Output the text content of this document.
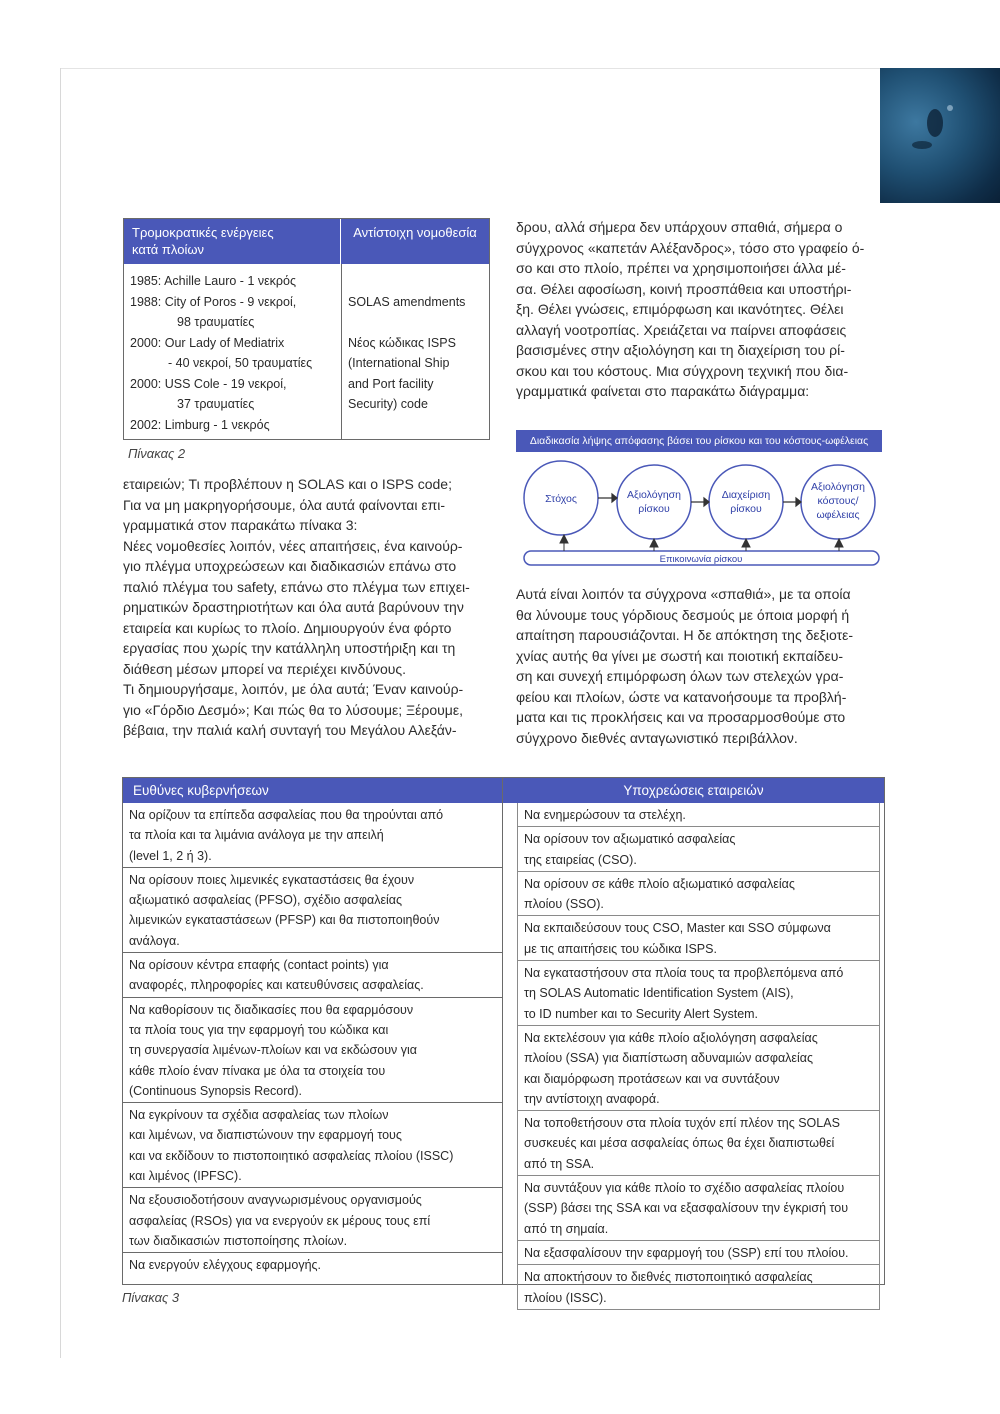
Τρομοκρατικές ενέργειες
κατά πλοίων
Αντίστοιχη νομοθεσία
1985: Achille Lauro - 1 νεκρός
1988: City of Poros - 9 νεκροί,
98 τραυματίες
2000: Our Lady of Mediatrix
- 40 νεκροί, 50 τραυματίες
2000: USS Cole - 19 νεκροί,
37 τραυματίες
2002: Limburg - 1 νεκρός
SOLAS amendments
Νέος κώδικας ISPS
(International Ship
and Port facility
Security) code
Πίνακας 2

εταιρειών; Τι προβλέπουν η SOLAS και ο ISPS code;

Για να μη μακρηγορήσουμε, όλα αυτά φαίνονται επι-

γραμματικά στον παρακάτω πίνακα 3:

Νέες νομοθεσίες λοιπόν, νέες απαιτήσεις, ένα καινούρ-

γιο πλέγμα υποχρεώσεων και διαδικασιών επάνω στο

παλιό πλέγμα του safety, επάνω στο πλέγμα των επιχει-

ρηματικών δραστηριοτήτων και όλα αυτά βαρύνουν την

εταιρεία και κυρίως το πλοίο. Δημιουργούν ένα φόρτο

εργασίας που χωρίς την κατάλληλη υποστήριξη και τη

διάθεση μέσων μπορεί να περιέχει κινδύνους.

Τι δημιουργήσαμε, λοιπόν, με όλα αυτά; Έναν καινούρ-

γιο «Γόρδιο Δεσμό»; Και πώς θα το λύσουμε; Ξέρουμε,

βέβαια, την παλιά καλή συνταγή του Μεγάλου Αλεξάν-

δρου, αλλά σήμερα δεν υπάρχουν σπαθιά, σήμερα ο

σύγχρονος «καπετάν Αλέξανδρος», τόσο στο γραφείο ό-

σο και στο πλοίο, πρέπει να χρησιμοποιήσει άλλα μέ-

σα. Θέλει αφοσίωση, κοινή προσπάθεια και υποστήρι-

ξη. Θέλει γνώσεις, επιμόρφωση και ικανότητες. Θέλει

αλλαγή νοοτροπίας. Χρειάζεται να παίρνει αποφάσεις

βασισμένες στην αξιολόγηση και τη διαχείριση του ρί-

σκου και του κόστους. Μια σύγχρονη τεχνική που δια-

γραμματικά φαίνεται στο παρακάτω διάγραμμα:

Διαδικασία λήψης απόφασης βάσει του ρίσκου και του κόστους-ωφέλειας
Στόχος	Αξιολόγηση
ρίσκου
Διαχείριση
ρίσκου
Αξιολόγηση
κόστους/
ωφέλειας
Επικοινωνία ρίσκου

Αυτά είναι λοιπόν τα σύγχρονα «σπαθιά», με τα οποία

θα λύνουμε τους γόρδιους δεσμούς με όποια μορφή ή

απαίτηση παρουσιάζονται. Η δε απόκτηση της δεξιοτε-

χνίας αυτής θα γίνει με σωστή και ποιοτική εκπαίδευ-

ση και συνεχή επιμόρφωση όλων των στελεχών γρα-

φείου και πλοίων, ώστε να κατανοήσουμε τα προβλή-

ματα και τις προκλήσεις και να προσαρμοσθούμε στο

σύγχρονο διεθνές ανταγωνιστικό περιβάλλον.

Ευθύνες κυβερνήσεων
Να ορίζουν τα επίπεδα ασφαλείας που θα τηρούνται από
τα πλοία και τα λιμάνια ανάλογα με την απειλή
(level 1, 2 ή 3).
Να ορίσουν ποιες λιμενικές εγκαταστάσεις θα έχουν
αξιωματικό ασφαλείας (PFSO), σχέδιο ασφαλείας
λιμενικών εγκαταστάσεων (PFSP) και θα πιστοποιηθούν
ανάλογα.
Να ορίσουν κέντρα επαφής (contact points) για
αναφορές, πληροφορίες και κατευθύνσεις ασφαλείας.
Να καθορίσουν τις διαδικασίες που θα εφαρμόσουν
τα πλοία τους για την εφαρμογή του κώδικα και
τη συνεργασία λιμένων-πλοίων και να εκδώσουν για
κάθε πλοίο έναν πίνακα με όλα τα στοιχεία του
(Continuous Synopsis Record).
Να εγκρίνουν τα σχέδια ασφαλείας των πλοίων
και λιμένων, να διαπιστώνουν την εφαρμογή τους
και να εκδίδουν το πιστοποιητικό ασφαλείας πλοίου (ISSC)
και λιμένος (IPFSC).
Να εξουσιοδοτήσουν αναγνωρισμένους οργανισμούς
ασφαλείας (RSOs) για να ενεργούν εκ μέρους τους επί
των διαδικασιών πιστοποίησης πλοίων.
Να ενεργούν ελέγχους εφαρμογής.
Υποχρεώσεις εταιρειών
Να ενημερώσουν τα στελέχη.
Να ορίσουν τον αξιωματικό ασφαλείας
της εταιρείας (CSO).
Να ορίσουν σε κάθε πλοίο αξιωματικό ασφαλείας
πλοίου (SSO).
Να εκπαιδεύσουν τους CSO, Master και SSO σύμφωνα
με τις απαιτήσεις του κώδικα ISPS.
Να εγκαταστήσουν στα πλοία τους τα προβλεπόμενα από
τη SOLAS Automatic Identification System (AIS),
το ID number και το Security Alert System.
Να εκτελέσουν για κάθε πλοίο αξιολόγηση ασφαλείας
πλοίου (SSA) για διαπίστωση αδυναμιών ασφαλείας
και διαμόρφωση προτάσεων και να συντάξουν
την αντίστοιχη αναφορά.
Να τοποθετήσουν στα πλοία τυχόν επί πλέον της SOLAS
συσκευές και μέσα ασφαλείας όπως θα έχει διαπιστωθεί
από τη SSA.
Να συντάξουν για κάθε πλοίο το σχέδιο ασφαλείας πλοίου
(SSP) βάσει της SSA και να εξασφαλίσουν την έγκρισή του
από τη σημαία.
Να εξασφαλίσουν την εφαρμογή του (SSP) επί του πλοίου.
Να αποκτήσουν το διεθνές πιστοποιητικό ασφαλείας
πλοίου (ISSC).
Πίνακας 3
